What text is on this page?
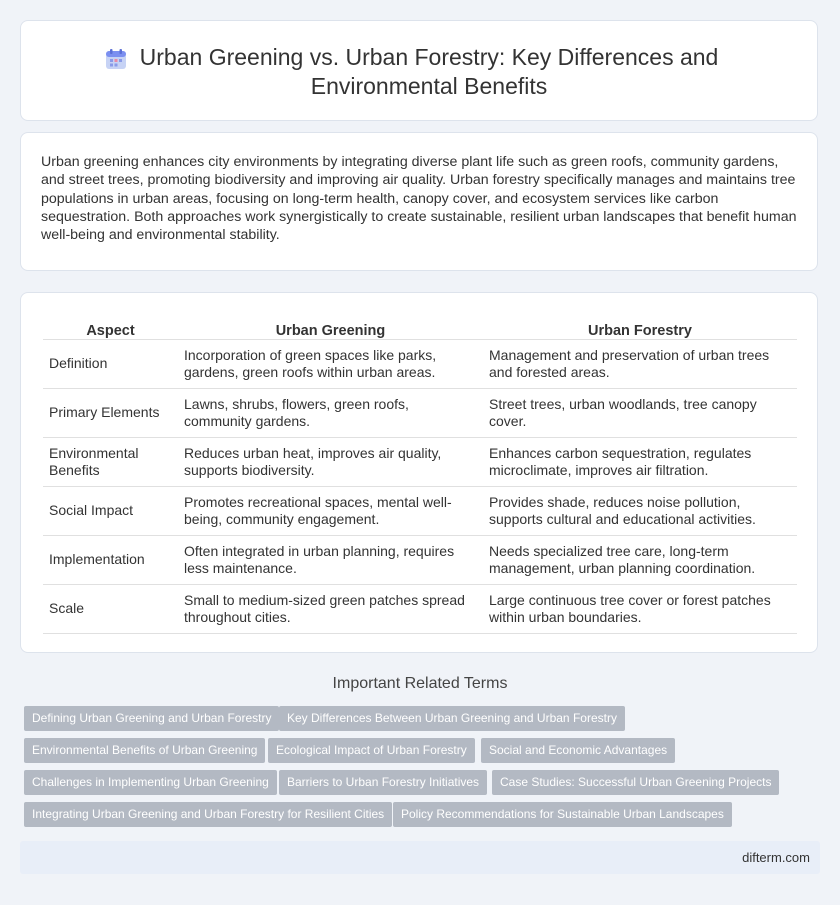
Urban Greening vs. Urban Forestry: Key Differences and Environmental Benefits

Urban greening enhances city environments by integrating diverse plant life such as green roofs, community gardens, and street trees, promoting biodiversity and improving air quality. Urban forestry specifically manages and maintains tree populations in urban areas, focusing on long-term health, canopy cover, and ecosystem services like carbon sequestration. Both approaches work synergistically to create sustainable, resilient urban landscapes that benefit human well-being and environmental stability.

Aspect	Urban Greening	Urban Forestry
Definition	Incorporation of green spaces like parks, gardens, green roofs within urban areas.	Management and preservation of urban trees and forested areas.
Primary Elements	Lawns, shrubs, flowers, green roofs, community gardens.	Street trees, urban woodlands, tree canopy cover.
Environmental Benefits	Reduces urban heat, improves air quality, supports biodiversity.	Enhances carbon sequestration, regulates microclimate, improves air filtration.
Social Impact	Promotes recreational spaces, mental well-being, community engagement.	Provides shade, reduces noise pollution, supports cultural and educational activities.
Implementation	Often integrated in urban planning, requires less maintenance.	Needs specialized tree care, long-term management, urban planning coordination.
Scale	Small to medium-sized green patches spread throughout cities.	Large continuous tree cover or forest patches within urban boundaries.
Important Related Terms
Defining Urban Greening and Urban Forestry	Key Differences Between Urban Greening and Urban Forestry
Environmental Benefits of Urban Greening	Ecological Impact of Urban Forestry	Social and Economic Advantages
Challenges in Implementing Urban Greening	Barriers to Urban Forestry Initiatives	Case Studies: Successful Urban Greening Projects
Integrating Urban Greening and Urban Forestry for Resilient Cities	Policy Recommendations for Sustainable Urban Landscapes
difterm.com
